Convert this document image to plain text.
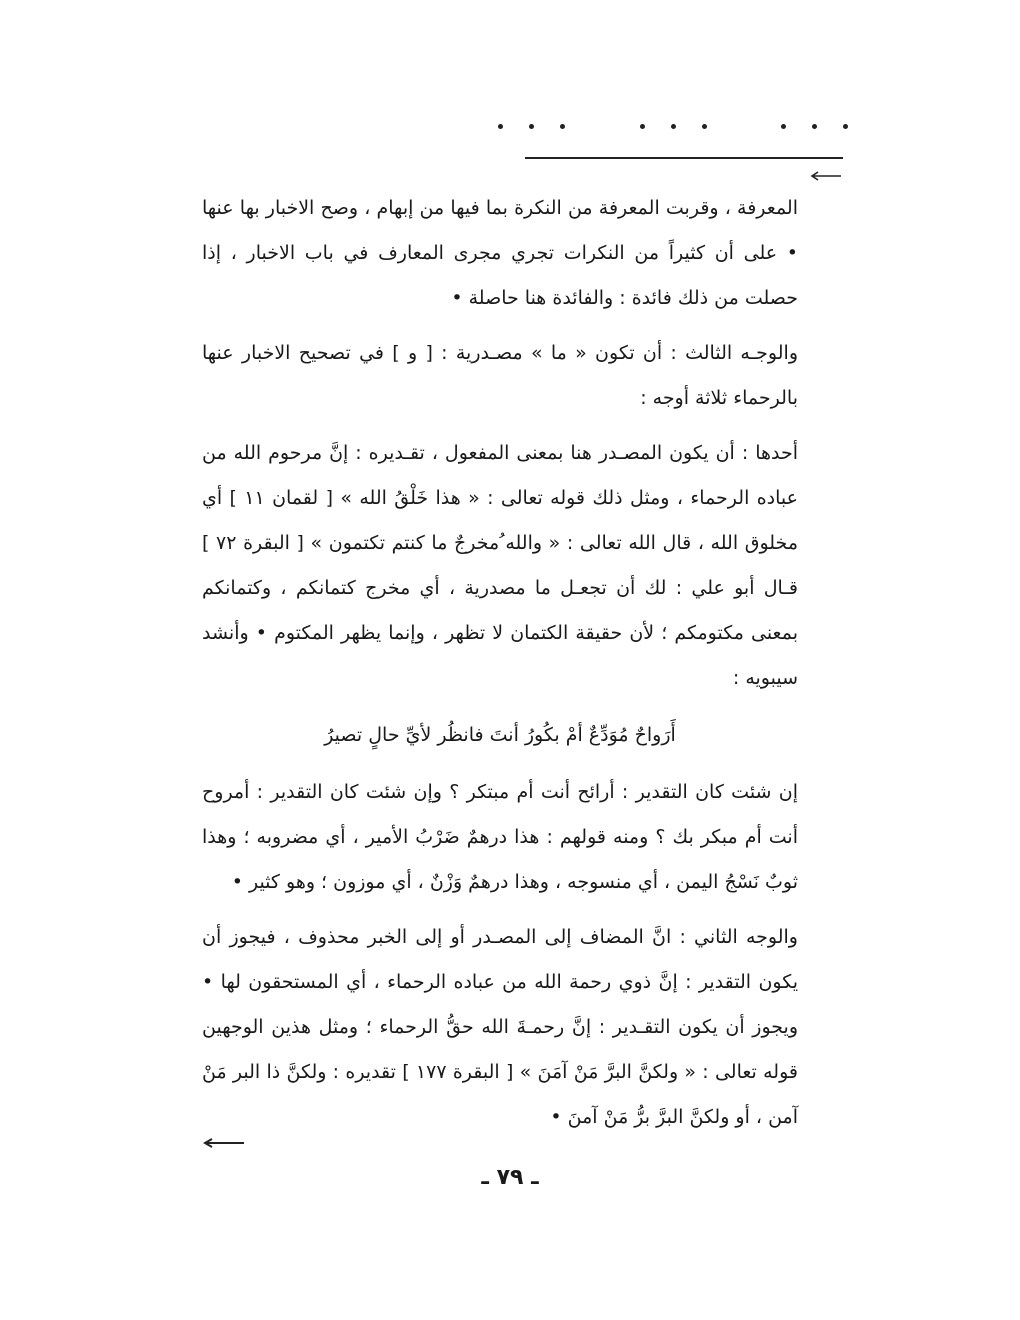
المعرفة ، وقربت المعرفة من النكرة بما فيها من إبهام ، وصح الاخبار بها عنها • على أن كثيراً من النكرات تجري مجرى المعارف في باب الاخبار ، إذا حصلت من ذلك فائدة : والفائدة هنا حاصلة •

والوجـه الثالث : أن تكون « ما » مصـدرية : [ و ] في تصحيح الاخبار عنها بالرحماء ثلاثة أوجه :

أحدها : أن يكون المصـدر هنا بمعنى المفعول ، تقـديره : إنَّ مرحوم الله من عباده الرحماء ، ومثل ذلك قوله تعالى : « هذا خَلْقُ الله » [ لقمان ١١ ] أي مخلوق الله ، قال الله تعالى : « والله ُمخرجٌ ما كنتم تكتمون » [ البقرة ٧٢ ] قـال أبو علي : لك أن تجعـل ما مصدرية ، أي مخرج كتمانكم ، وكتمانكم بمعنى مكتومكم ؛ لأن حقيقة الكتمان لا تظهر ، وإنما يظهر المكتوم • وأنشد سيبويه :

أَرَواحٌ مُوَدِّعٌ أمْ بكُورُ أنتَ فانظُر لأيِّ حالٍ تصيرُ

إن شئت كان التقدير : أرائح أنت أم مبتكر ؟ وإن شئت كان التقدير : أمروح أنت أم مبكر بك ؟ ومنه قولهم : هذا درهمٌ ضَرْبُ الأمير ، أي مضروبه ؛ وهذا ثوبٌ نَسْجُ اليمن ، أي منسوجه ، وهذا درهمٌ وَزْنٌ ، أي موزون ؛ وهو كثير •

والوجه الثاني : انَّ المضاف إلى المصـدر أو إلى الخبر محذوف ، فيجوز أن يكون التقدير : إنَّ ذوي رحمة الله من عباده الرحماء ، أي المستحقون لها • ويجوز أن يكون التقـدير : إنَّ رحمـةَ الله حقُّ الرحماء ؛ ومثل هذين الوجهين قوله تعالى : « ولكنَّ البرَّ مَنْ آمَنَ » [ البقرة ١٧٧ ] تقديره : ولكنَّ ذا البر مَنْ آمن ، أو ولكنَّ البرَّ برُّ مَنْ آمنَ •

ـ ٧٩ ـ
